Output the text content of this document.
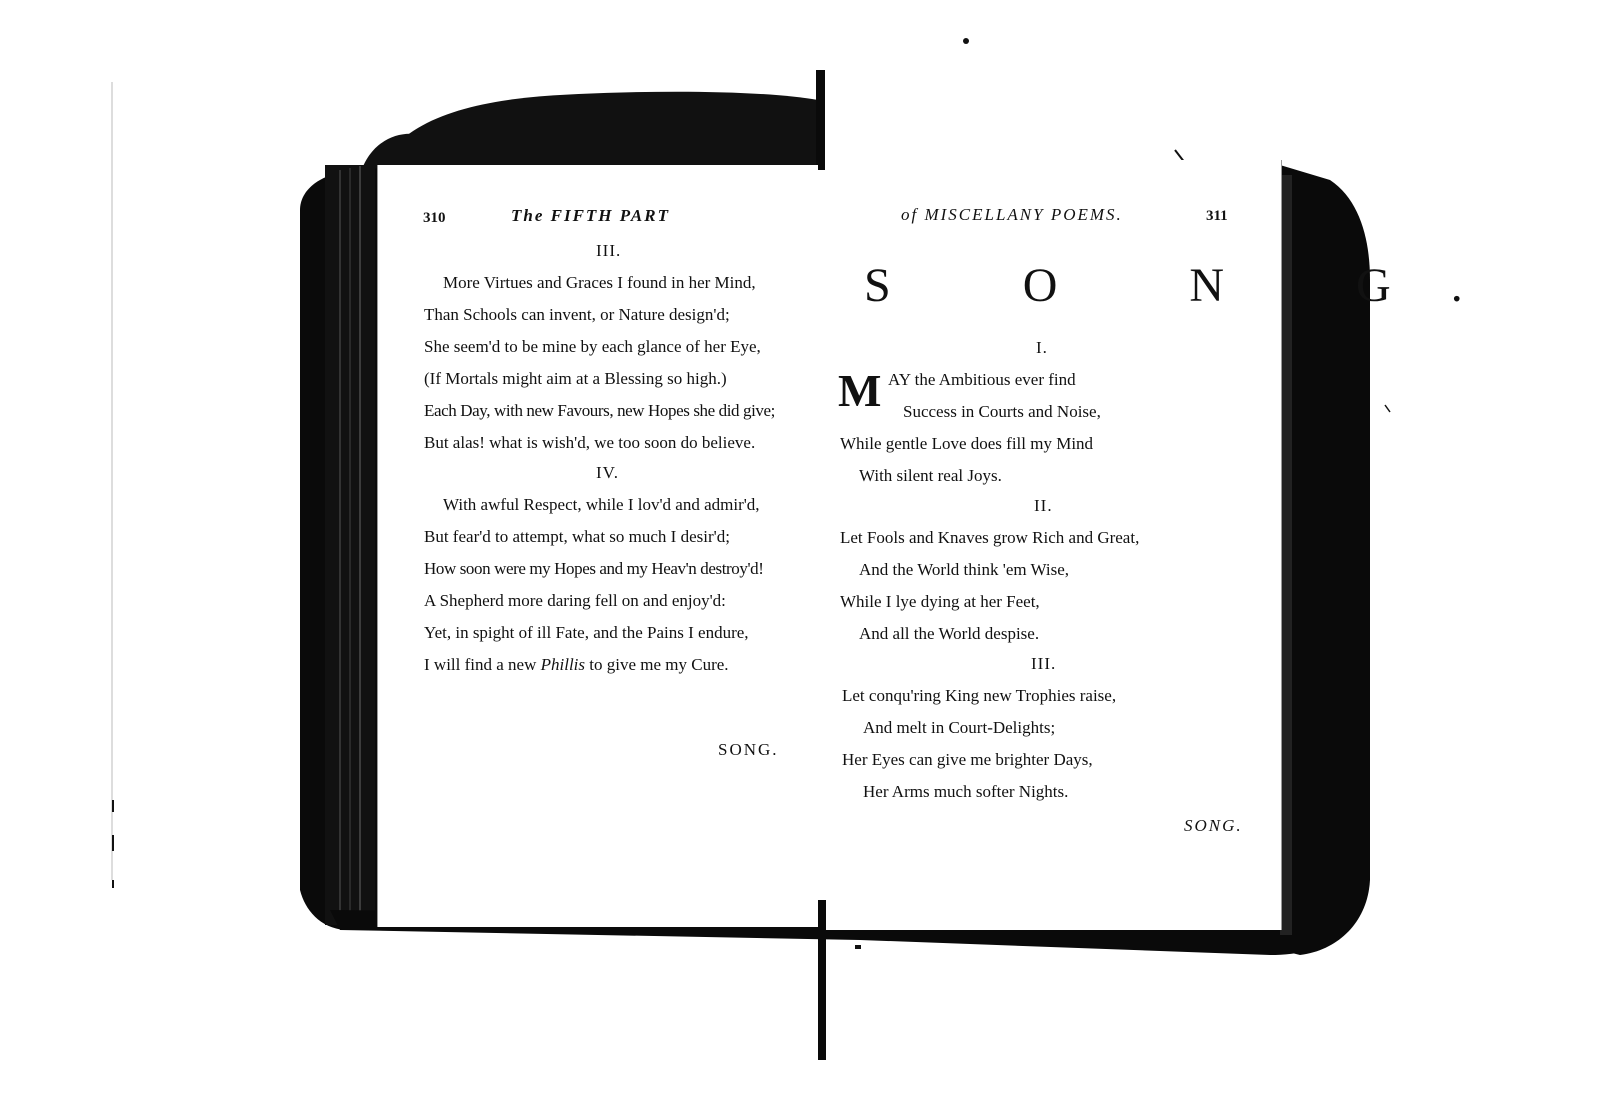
310	The FIFTH PART
III.
More Virtues and Graces I found in her Mind,
Than Schools can invent, or Nature design'd;
She seem'd to be mine by each glance of her Eye,
(If Mortals might aim at a Blessing so high.)
Each Day, with new Favours, new Hopes she did give;
But alas! what is wish'd, we too soon do believe.
IV.
With awful Respect, while I lov'd and admir'd,
But fear'd to attempt, what so much I desir'd;
How soon were my Hopes and my Heav'n destroy'd!
A Shepherd more daring fell on and enjoy'd:
Yet, in spight of ill Fate, and the Pains I endure,
I will find a new Phillis to give me my Cure.
SONG.
of MISCELLANY POEMS.	311
S O N G.
I.
M AY the Ambitious ever find
Success in Courts and Noise,
While gentle Love does fill my Mind
With silent real Joys.
II.
Let Fools and Knaves grow Rich and Great,
And the World think 'em Wise,
While I lye dying at her Feet,
And all the World despise.
III.
Let conqu'ring King new Trophies raise,
And melt in Court-Delights;
Her Eyes can give me brighter Days,
Her Arms much softer Nights.
SONG.
